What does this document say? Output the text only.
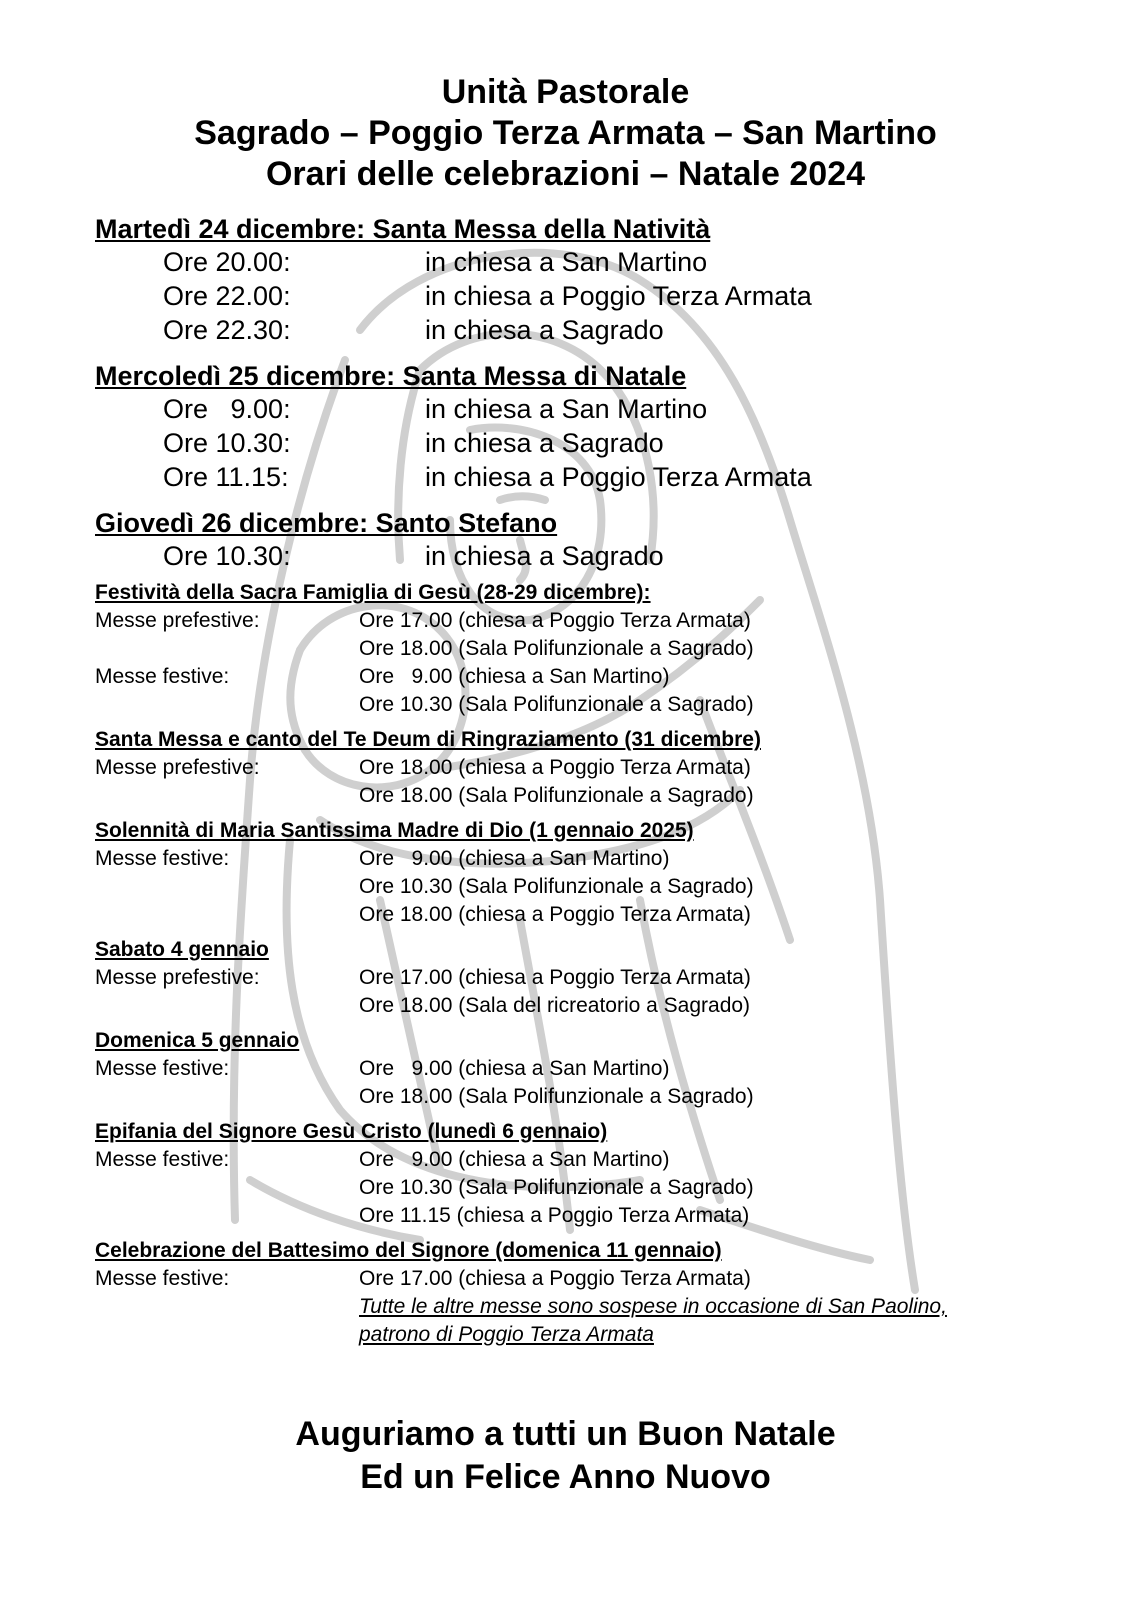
Unità Pastorale
Sagrado – Poggio Terza Armata – San Martino
Orari delle celebrazioni – Natale 2024
Martedì 24 dicembre: Santa Messa della Natività
Ore 20.00:	in chiesa a San Martino
Ore 22.00:	in chiesa a Poggio Terza Armata
Ore 22.30:	in chiesa a Sagrado
Mercoledì 25 dicembre: Santa Messa di Natale
Ore   9.00:	in chiesa a San Martino
Ore 10.30:	in chiesa a Sagrado
Ore 11.15:	in chiesa a Poggio Terza Armata
Giovedì 26 dicembre: Santo Stefano
Ore 10.30:	in chiesa a Sagrado
Festività della Sacra Famiglia di Gesù (28-29 dicembre):
Messe prefestive:	Ore 17.00 (chiesa a Poggio Terza Armata)
Ore 18.00 (Sala Polifunzionale a Sagrado)
Messe festive:	Ore   9.00 (chiesa a San Martino)
Ore 10.30 (Sala Polifunzionale a Sagrado)
Santa Messa e canto del Te Deum di Ringraziamento (31 dicembre)
Messe prefestive:	Ore 18.00 (chiesa a Poggio Terza Armata)
Ore 18.00 (Sala Polifunzionale a Sagrado)
Solennità di Maria Santissima Madre di Dio (1 gennaio 2025)
Messe festive:	Ore   9.00 (chiesa a San Martino)
Ore 10.30 (Sala Polifunzionale a Sagrado)
Ore 18.00 (chiesa a Poggio Terza Armata)
Sabato 4 gennaio
Messe prefestive:	Ore 17.00 (chiesa a Poggio Terza Armata)
Ore 18.00 (Sala del ricreatorio a Sagrado)
Domenica 5 gennaio
Messe festive:	Ore   9.00 (chiesa a San Martino)
Ore 18.00 (Sala Polifunzionale a Sagrado)
Epifania del Signore Gesù Cristo (lunedì 6 gennaio)
Messe festive:	Ore   9.00 (chiesa a San Martino)
Ore 10.30 (Sala Polifunzionale a Sagrado)
Ore 11.15 (chiesa a Poggio Terza Armata)
Celebrazione del Battesimo del Signore (domenica 11 gennaio)
Messe festive:	Ore 17.00 (chiesa a Poggio Terza Armata)
Tutte le altre messe sono sospese in occasione di San Paolino,
patrono di Poggio Terza Armata
Auguriamo a tutti un Buon Natale
Ed un Felice Anno Nuovo
